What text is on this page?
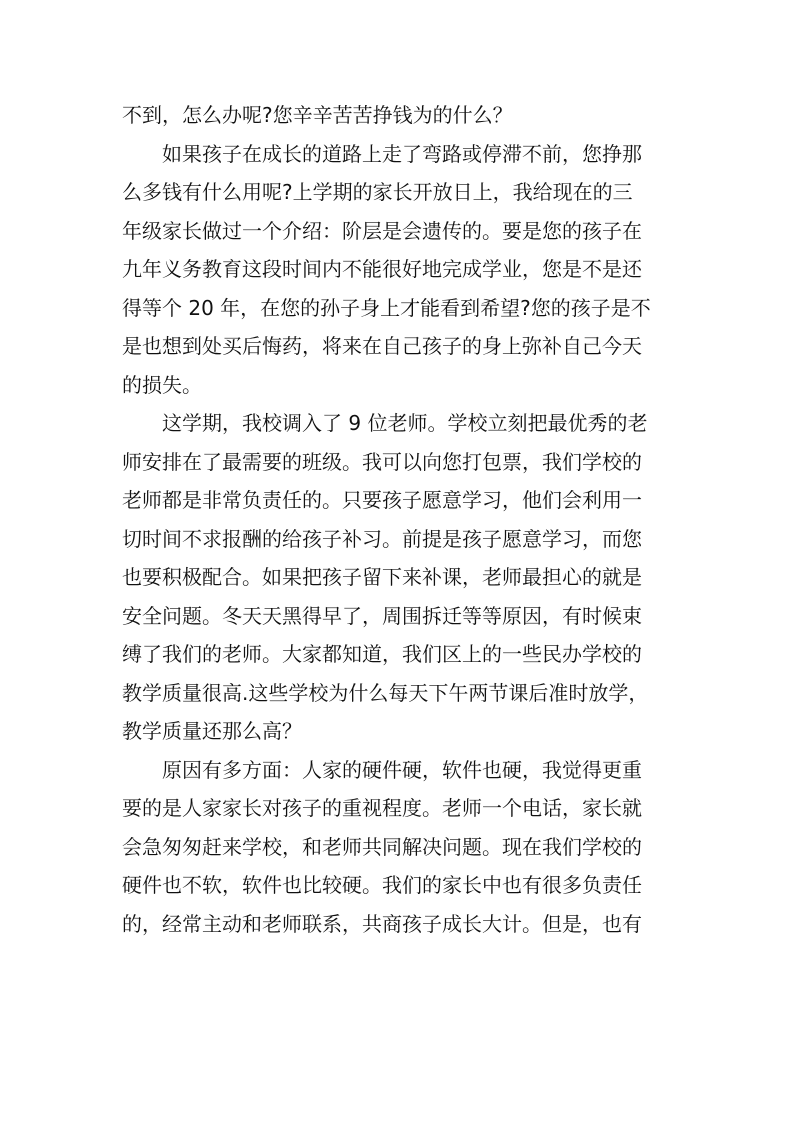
不到，怎么办呢?您辛辛苦苦挣钱为的什么？
如果孩子在成长的道路上走了弯路或停滞不前，您挣那
么多钱有什么用呢?上学期的家长开放日上，我给现在的三
年级家长做过一个介绍：阶层是会遗传的。要是您的孩子在
九年义务教育这段时间内不能很好地完成学业，您是不是还
得等个 20 年，在您的孙子身上才能看到希望?您的孩子是不
是也想到处买后悔药，将来在自己孩子的身上弥补自己今天
的损失。
这学期，我校调入了 9 位老师。学校立刻把最优秀的老
师安排在了最需要的班级。我可以向您打包票，我们学校的
老师都是非常负责任的。只要孩子愿意学习，他们会利用一
切时间不求报酬的给孩子补习。前提是孩子愿意学习，而您
也要积极配合。如果把孩子留下来补课，老师最担心的就是
安全问题。冬天天黑得早了，周围拆迁等等原因，有时候束
缚了我们的老师。大家都知道，我们区上的一些民办学校的
教学质量很高.这些学校为什么每天下午两节课后准时放学，
教学质量还那么高？
原因有多方面：人家的硬件硬，软件也硬，我觉得更重
要的是人家家长对孩子的重视程度。老师一个电话，家长就
会急匆匆赶来学校，和老师共同解决问题。现在我们学校的
硬件也不软，软件也比较硬。我们的家长中也有很多负责任
的，经常主动和老师联系，共商孩子成长大计。但是，也有
